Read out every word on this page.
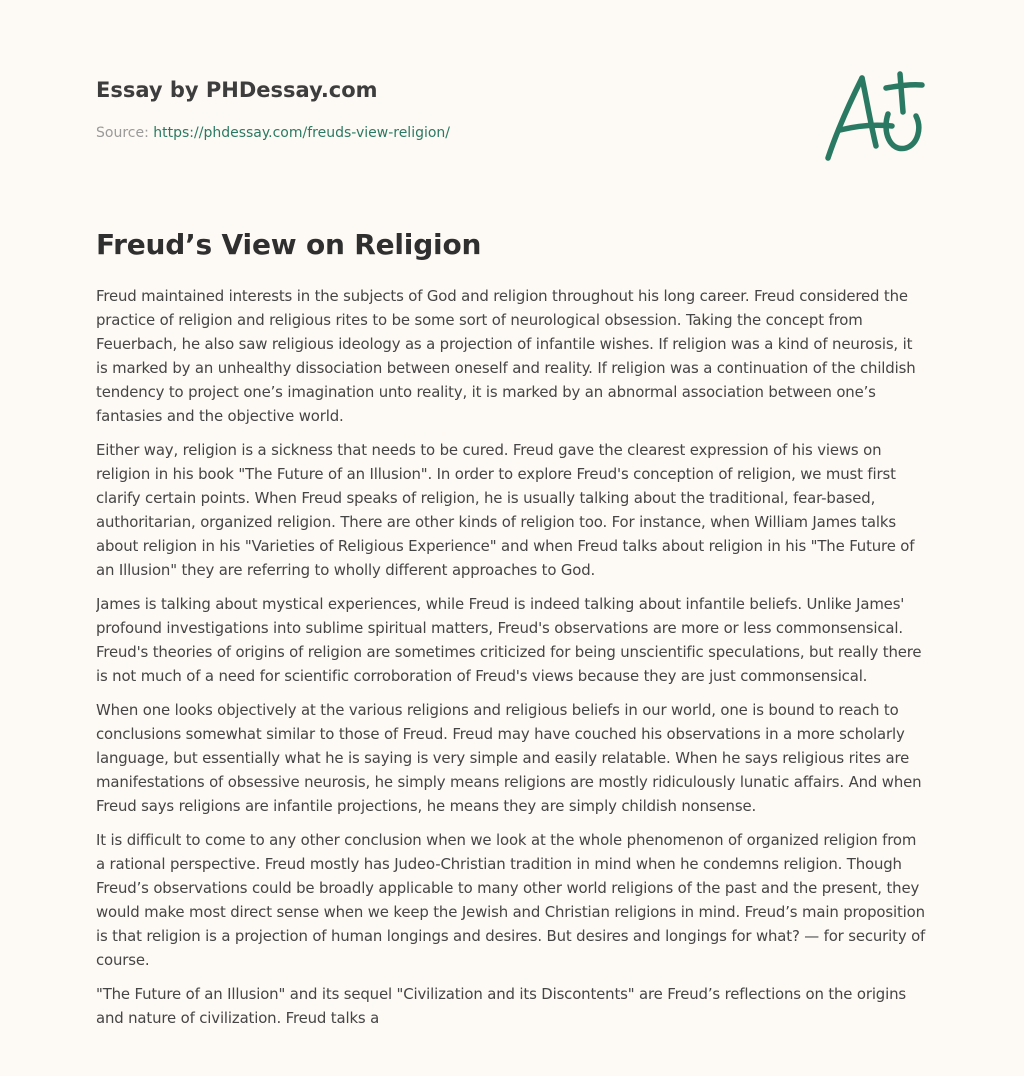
Essay by PHDessay.com
Source: https://phdessay.com/freuds-view-religion/
Freud’s View on Religion

Freud maintained interests in the subjects of God and religion throughout his long career. Freud considered the practice of religion and religious rites to be some sort of neurological obsession. Taking the concept from Feuerbach, he also saw religious ideology as a projection of infantile wishes. If religion was a kind of neurosis, it is marked by an unhealthy dissociation between oneself and reality. If religion was a continuation of the childish tendency to project one’s imagination unto reality, it is marked by an abnormal association between one’s fantasies and the objective world.

Either way, religion is a sickness that needs to be cured. Freud gave the clearest expression of his views on religion in his book "The Future of an Illusion". In order to explore Freud's conception of religion, we must first clarify certain points. When Freud speaks of religion, he is usually talking about the traditional, fear-based, authoritarian, organized religion. There are other kinds of religion too. For instance, when William James talks about religion in his "Varieties of Religious Experience" and when Freud talks about religion in his "The Future of an Illusion" they are referring to wholly different approaches to God.

James is talking about mystical experiences, while Freud is indeed talking about infantile beliefs. Unlike James' profound investigations into sublime spiritual matters, Freud's observations are more or less commonsensical. Freud's theories of origins of religion are sometimes criticized for being unscientific speculations, but really there is not much of a need for scientific corroboration of Freud's views because they are just commonsensical.

When one looks objectively at the various religions and religious beliefs in our world, one is bound to reach to conclusions somewhat similar to those of Freud. Freud may have couched his observations in a more scholarly language, but essentially what he is saying is very simple and easily relatable. When he says religious rites are manifestations of obsessive neurosis, he simply means religions are mostly ridiculously lunatic affairs. And when Freud says religions are infantile projections, he means they are simply childish nonsense.

It is difficult to come to any other conclusion when we look at the whole phenomenon of organized religion from a rational perspective. Freud mostly has Judeo-Christian tradition in mind when he condemns religion. Though Freud’s observations could be broadly applicable to many other world religions of the past and the present, they would make most direct sense when we keep the Jewish and Christian religions in mind. Freud’s main proposition is that religion is a projection of human longings and desires. But desires and longings for what? — for security of course.

"The Future of an Illusion" and its sequel "Civilization and its Discontents" are Freud’s reflections on the origins and nature of civilization. Freud talks a
